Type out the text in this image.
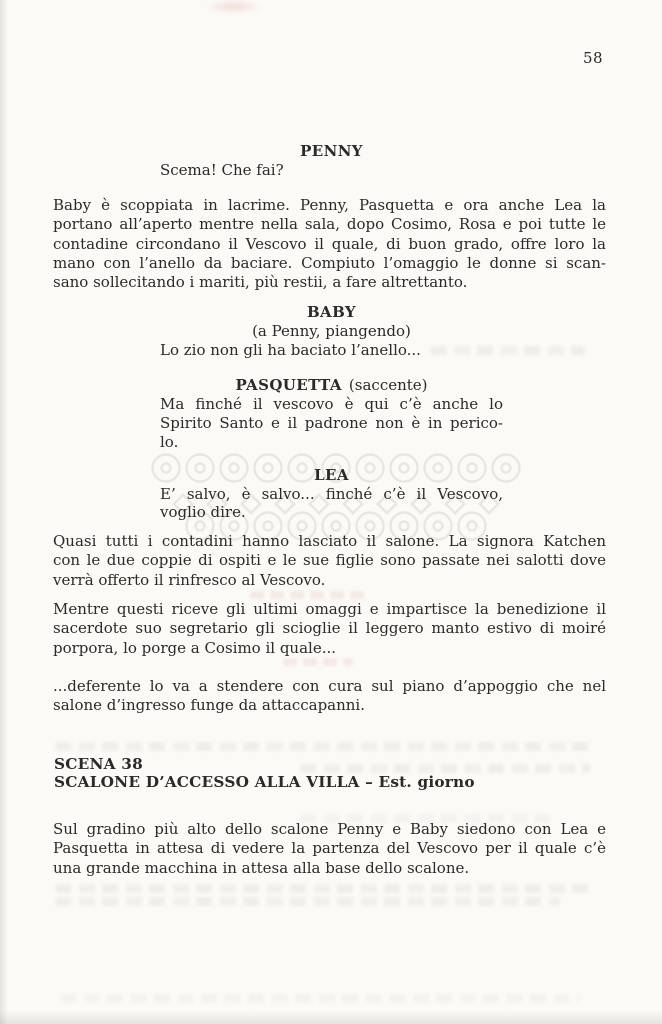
58
PENNY
Scema! Che fai?
Baby è scoppiata in lacrime. Penny, Pasquetta e ora anche Lea la
portano all’aperto mentre nella sala, dopo Cosimo, Rosa e poi tutte le
contadine circondano il Vescovo il quale, di buon grado, offre loro la
mano con l’anello da baciare. Compiuto l’omaggio le donne si scan-
sano sollecitando i mariti, più restii, a fare altrettanto.
BABY
(a Penny, piangendo)
Lo zio non gli ha baciato l’anello...
PASQUETTA (saccente)
Ma finché il vescovo è qui c’è anche lo
Spirito Santo e il padrone non è in perico-
lo.
LEA
E’ salvo, è salvo... finché c’è il Vescovo,
voglio dire.
Quasi tutti i contadini hanno lasciato il salone. La signora Katchen
con le due coppie di ospiti e le sue figlie sono passate nei salotti dove
verrà offerto il rinfresco al Vescovo.
Mentre questi riceve gli ultimi omaggi e impartisce la benedizione il
sacerdote suo segretario gli scioglie il leggero manto estivo di moiré
porpora, lo porge a Cosimo il quale...
...deferente lo va a stendere con cura sul piano d’appoggio che nel
salone d’ingresso funge da attaccapanni.
SCENA 38
SCALONE D’ACCESSO ALLA VILLA – Est. giorno
Sul gradino più alto dello scalone Penny e Baby siedono con Lea e
Pasquetta in attesa di vedere la partenza del Vescovo per il quale c’è
una grande macchina in attesa alla base dello scalone.
